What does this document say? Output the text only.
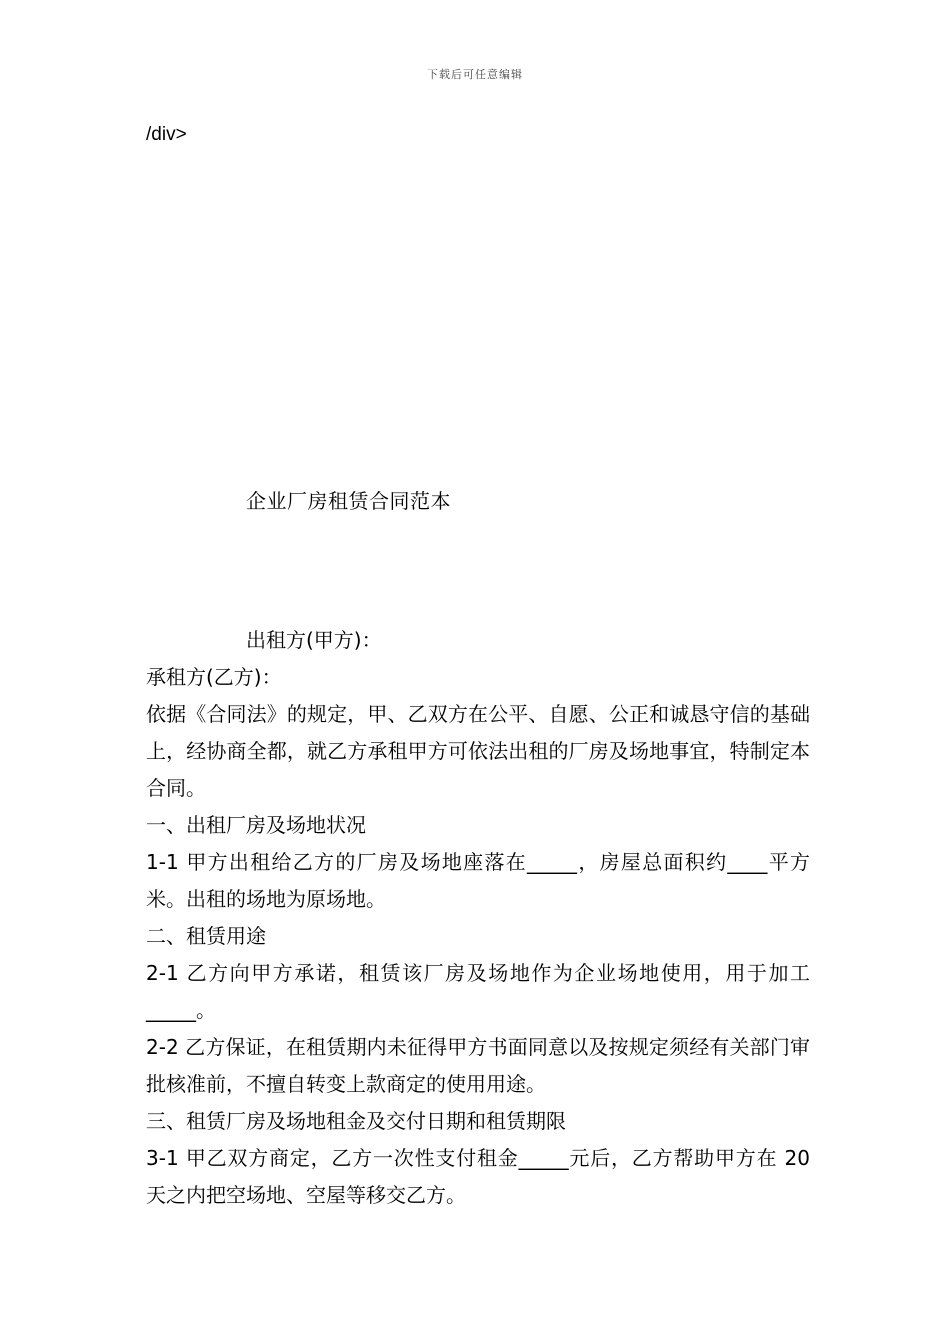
下载后可任意编辑
/div>
企业厂房租赁合同范本

出租方(甲方)：

承租方(乙方)：

依据《合同法》的规定，甲、乙双方在公平、自愿、公正和诚恳守信的基础上，经协商全都，就乙方承租甲方可依法出租的厂房及场地事宜，特制定本合同。

一、出租厂房及场地状况

1-1 甲方出租给乙方的厂房及场地座落在_____，房屋总面积约____平方米。出租的场地为原场地。

二、租赁用途

2-1 乙方向甲方承诺，租赁该厂房及场地作为企业场地使用，用于加工_____。

2-2 乙方保证，在租赁期内未征得甲方书面同意以及按规定须经有关部门审批核准前，不擅自转变上款商定的使用用途。

三、租赁厂房及场地租金及交付日期和租赁期限

3-1 甲乙双方商定，乙方一次性支付租金_____元后，乙方帮助甲方在 20 天之内把空场地、空屋等移交乙方。
